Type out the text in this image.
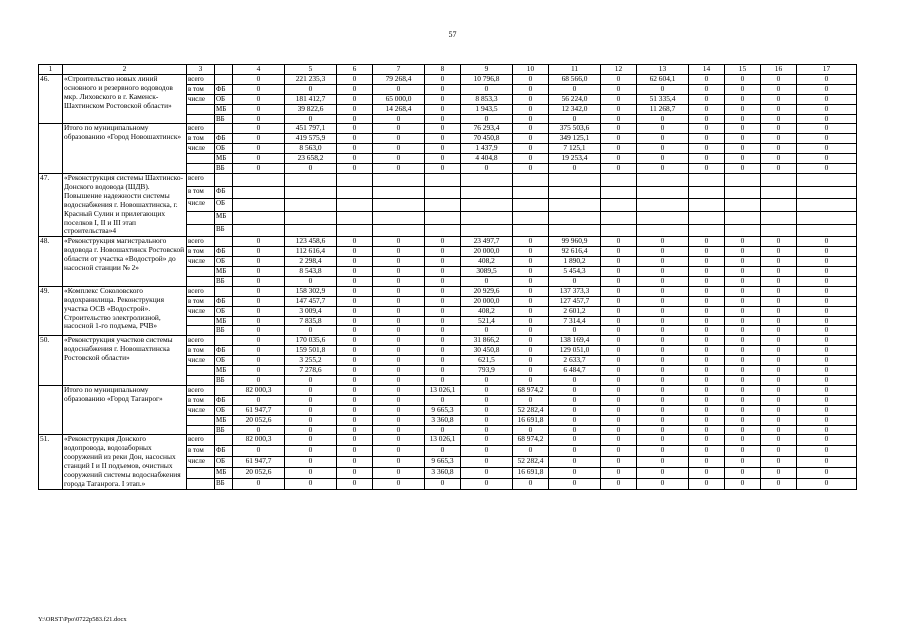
57
1	2	3		4	5	6	7	8	9	10	11	12	13	14	15	16	17
46.	«Строительство новых линий основного и резервного водоводов мкр. Лиховского в г. Каменск-Шахтинском Ростовской области»	всего		0	221 235,3	0	79 268,4	0	10 796,8	0	68 566,0	0	62 604,1	0	0	0	0
		в том	ФБ	0	0	0	0	0	0	0	0	0	0	0	0	0	0
		числе	ОБ	0	181 412,7	0	65 000,0	0	8 853,3	0	56 224,0	0	51 335,4	0	0	0	0
			МБ	0	39 822,6	0	14 268,4	0	1 943,5	0	12 342,0	0	11 268,7	0	0	0	0
			ВБ	0	0	0	0	0	0	0	0	0	0	0	0	0	0
	Итого по муниципальному образованию «Город Новошахтинск»	всего		0	451 797,1	0	0	0	76 293,4	0	375 503,6	0	0	0	0	0	0
		в том	ФБ	0	419 575,9	0	0	0	70 450,8	0	349 125,1	0	0	0	0	0	0
		числе	ОБ	0	8 563,0	0	0	0	1 437,9	0	7 125,1	0	0	0	0	0	0
			МБ	0	23 658,2	0	0	0	4 404,8	0	19 253,4	0	0	0	0	0	0
			ВБ	0	0	0	0	0	0	0	0	0	0	0	0	0	0
47.	«Реконструкция системы Шахтинско-Донского водовода (ШДВ). Повышение надежности системы водоснабжения г. Новошахтинска, г. Красный Сулин и прилегающих поселков I, II и III этап строительства»4	всего															
		в том	ФБ														
		числе	ОБ														
			МБ														
			ВБ														
48.	«Реконструкция магистрального водовода г. Новошахтинск Ростовской области от участка «Водострой» до насосной станции № 2»	всего		0	123 458,6	0	0	0	23 497,7	0	99 960,9	0	0	0	0	0	0
		в том	ФБ	0	112 616,4	0	0	0	20 000,0	0	92 616,4	0	0	0	0	0	0
		числе	ОБ	0	2 298,4	0	0	0	408,2	0	1 890,2	0	0	0	0	0	0
			МБ	0	8 543,8	0	0	0	3089,5	0	5 454,3	0	0	0	0	0	0
			ВБ	0	0	0	0	0	0	0	0	0	0	0	0	0	0
49.	«Комплекс Соколовского водохранилища. Реконструкция участка ОСВ «Водострой». Строительство электролизной, насосной 1-го подъема, РЧВ»	всего		0	158 302,9	0	0	0	20 929,6	0	137 373,3	0	0	0	0	0	0
		в том	ФБ	0	147 457,7	0	0	0	20 000,0	0	127 457,7	0	0	0	0	0	0
		числе	ОБ	0	3 009,4	0	0	0	408,2	0	2 601,2	0	0	0	0	0	0
			МБ	0	7 835,8	0	0	0	521,4	0	7 314,4	0	0	0	0	0	0
			ВБ	0	0	0	0	0	0	0	0	0	0	0	0	0	0
50.	«Реконструкция участков системы водоснабжения г. Новошахтинска Ростовской области»	всего		0	170 035,6	0	0	0	31 866,2	0	138 169,4	0	0	0	0	0	0
		в том	ФБ	0	159 501,8	0	0	0	30 450,8	0	129 051,0	0	0	0	0	0	0
		числе	ОБ	0	3 255,2	0	0	0	621,5	0	2 633,7	0	0	0	0	0	0
			МБ	0	7 278,6	0	0	0	793,9	0	6 484,7	0	0	0	0	0	0
			ВБ	0	0	0	0	0	0	0	0	0	0	0	0	0	0
	Итого по муниципальному образованию «Город Таганрог»	всего		82 000,3	0	0	0	13 026,1	0	68 974,2	0	0	0	0	0	0	0
		в том	ФБ	0	0	0	0	0	0	0	0	0	0	0	0	0	0
		числе	ОБ	61 947,7	0	0	0	9 665,3	0	52 282,4	0	0	0	0	0	0	0
			МБ	20 052,6	0	0	0	3 360,8	0	16 691,8	0	0	0	0	0	0	0
			ВБ	0	0	0	0	0	0	0	0	0	0	0	0	0	0
51.	«Реконструкция Донского водопровода, водозаборных сооружений из реки Дон, насосных станций I и II подъемов, очистных сооружений системы водоснабжения города Таганрога. I этап.»	всего		82 000,3	0	0	0	13 026,1	0	68 974,2	0	0	0	0	0	0	0
		в том	ФБ	0	0	0	0	0	0	0	0	0	0	0	0	0	0
		числе	ОБ	61 947,7	0	0	0	9 665,3	0	52 282,4	0	0	0	0	0	0	0
			МБ	20 052,6	0	0	0	3 360,8	0	16 691,8	0	0	0	0	0	0	0
			ВБ	0	0	0	0	0	0	0	0	0	0	0	0	0	0
Y:\ORST\Ppo\0722p583.f21.docx
